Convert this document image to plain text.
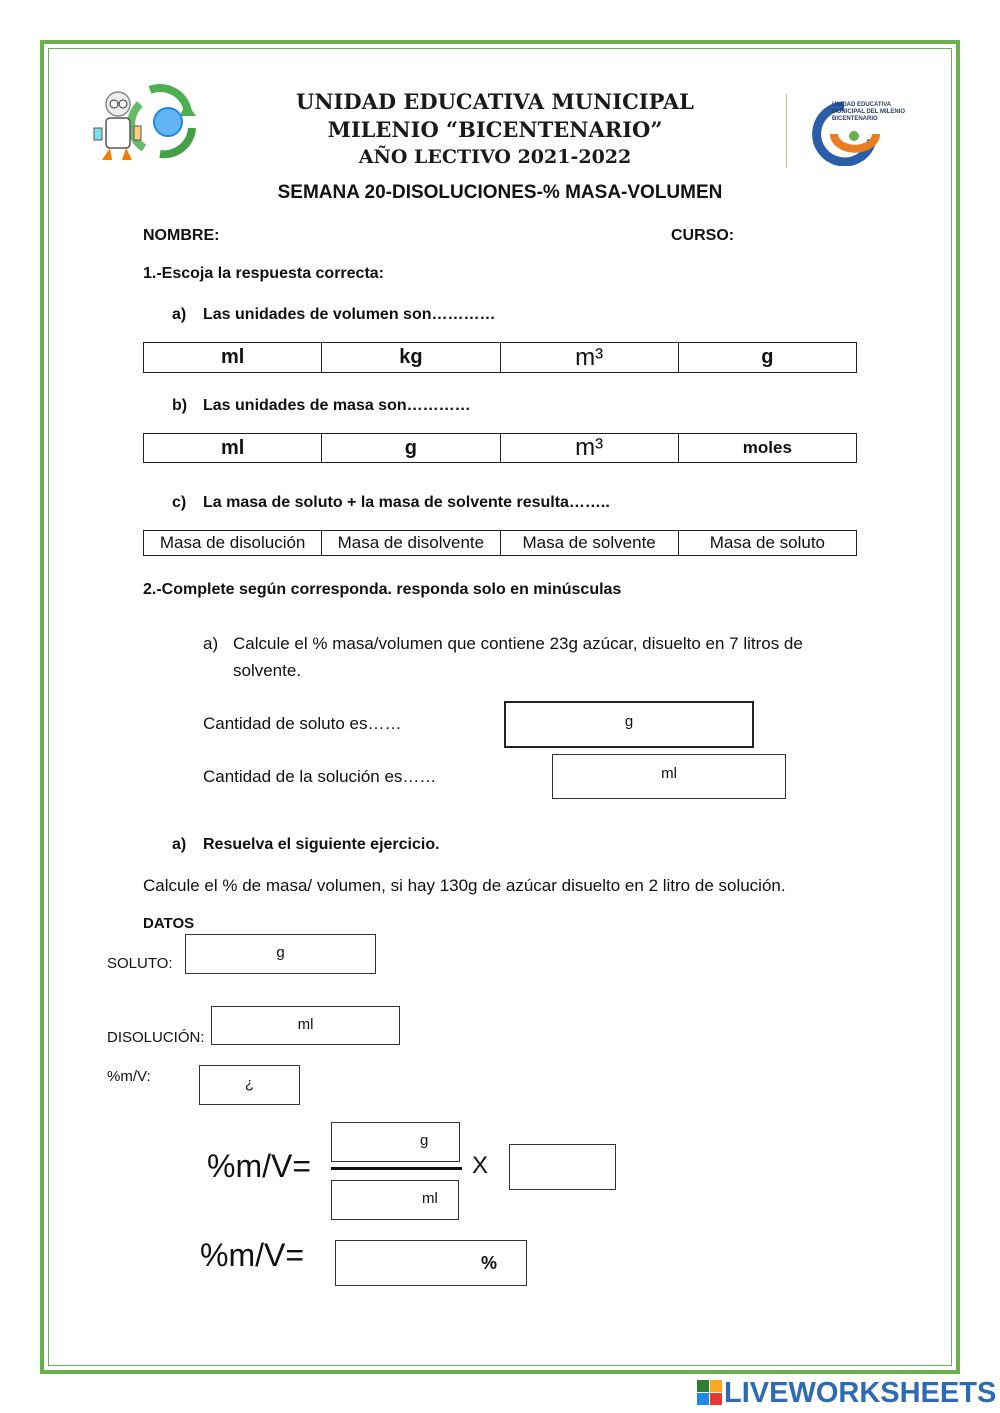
UNIDAD EDUCATIVA MUNICIPAL
MILENIO “BICENTENARIO”
AÑO LECTIVO 2021-2022
UNIDAD EDUCATIVA MUNICIPAL DEL MILENIO BICENTENARIO
SEMANA 20-DISOLUCIONES-% MASA-VOLUMEN
NOMBRE:	CURSO:
1.-Escoja la respuesta correcta:
a) Las unidades de volumen son…………
ml	kg	m³	g
b) Las unidades de masa son…………
ml	g	m³	moles
c) La masa de soluto + la masa de solvente resulta……..
Masa de disolución	Masa de disolvente	Masa de solvente	Masa de soluto
2.-Complete según corresponda. responda solo en minúsculas
a) Calcule el % masa/volumen que contiene 23g azúcar, disuelto en 7 litros de
solvente.
Cantidad de soluto es……	g
Cantidad de la solución es……	ml
a) Resuelva el siguiente ejercicio.
Calcule el % de masa/ volumen, si hay 130g de azúcar disuelto en 2 litro de solución.
DATOS
SOLUTO:
g
DISOLUCIÓN:
ml
%m/V:	¿
%m/V=
g
ml
X
%m/V=	%
LIVEWORKSHEETS
